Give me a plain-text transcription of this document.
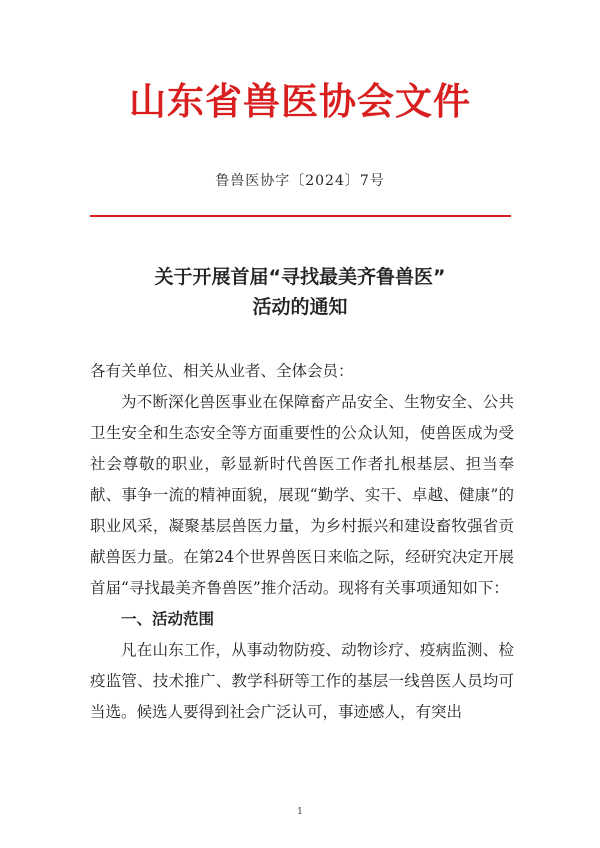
山东省兽医协会文件
鲁兽医协字〔2024〕7号
关于开展首届“寻找最美齐鲁兽医”
活动的通知

各有关单位、相关从业者、全体会员：

为不断深化兽医事业在保障畜产品安全、生物安全、公共卫生安全和生态安全等方面重要性的公众认知，使兽医成为受社会尊敬的职业，彰显新时代兽医工作者扎根基层、担当奉献、事争一流的精神面貌，展现“勤学、实干、卓越、健康”的职业风采，凝聚基层兽医力量，为乡村振兴和建设畜牧强省贡献兽医力量。在第24个世界兽医日来临之际，经研究决定开展首届“寻找最美齐鲁兽医”推介活动。现将有关事项通知如下：

一、活动范围

凡在山东工作，从事动物防疫、动物诊疗、疫病监测、检疫监管、技术推广、教学科研等工作的基层一线兽医人员均可当选。候选人要得到社会广泛认可，事迹感人，有突出

1
